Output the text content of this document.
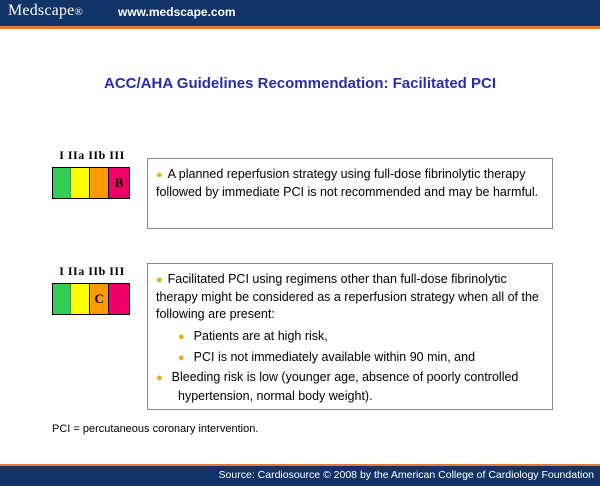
Medscape®	www.medscape.com
ACC/AHA Guidelines Recommendation: Facilitated PCI
I IIa IIb III
B	● A planned reperfusion strategy using full-dose fibrinolytic therapy followed by immediate PCI is not recommended and may be harmful.
I IIa IIb III
C
● Facilitated PCI using regimens other than full-dose fibrinolytic therapy might be considered as a reperfusion strategy when all of the following are present:
● Patients are at high risk,
● PCI is not immediately available within 90 min, and
● Bleeding risk is low (younger age, absence of poorly controlled hypertension, normal body weight).
PCI = percutaneous coronary intervention.
Source: Cardiosource © 2008 by the American College of Cardiology Foundation
